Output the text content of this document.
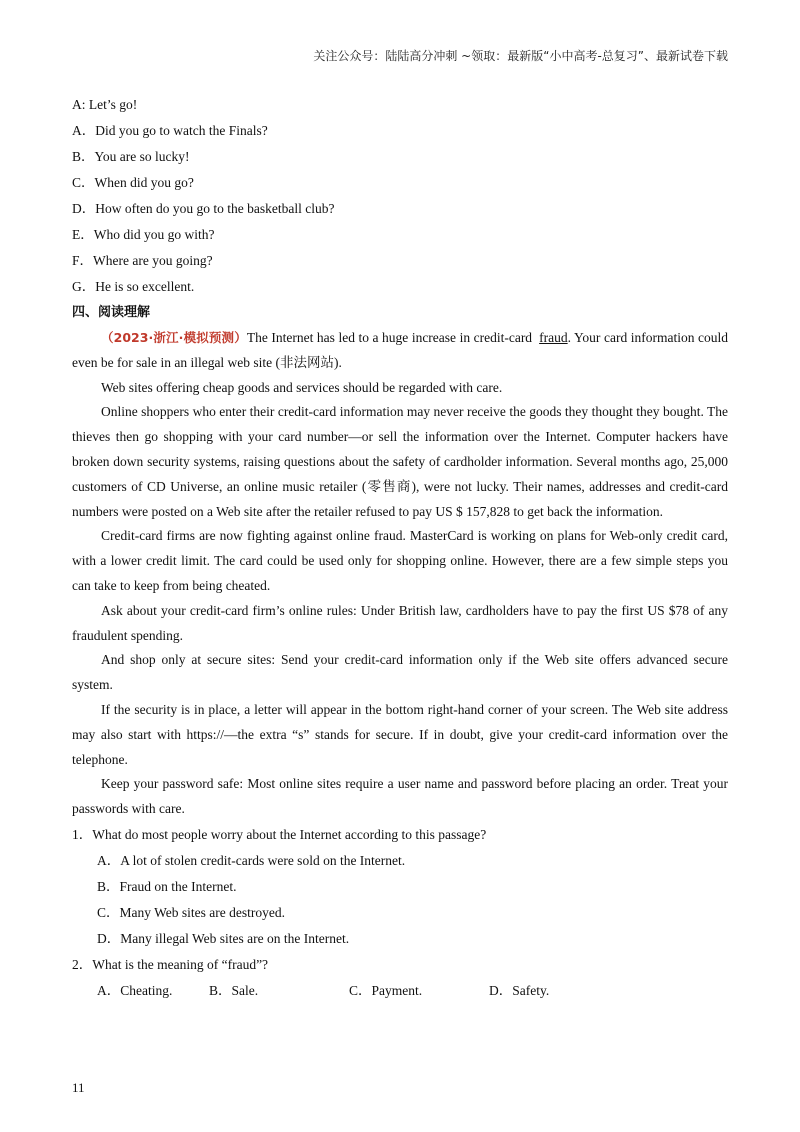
关注公众号：陆陆高分冲刺 ~领取：最新版“小中高考-总复习”、最新试卷下载

A: Let’s go!

A．Did you go to watch the Finals?

B．You are so lucky!

C．When did you go?

D．How often do you go to the basketball club?

E．Who did you go with?

F．Where are you going?

G．He is so excellent.

四、阅读理解

（2023·浙江·模拟预测）The Internet has led to a huge increase in credit-card fraud. Your card information could even be for sale in an illegal web site (非法网站).

Web sites offering cheap goods and services should be regarded with care.

Online shoppers who enter their credit-card information may never receive the goods they thought they bought. The thieves then go shopping with your card number—or sell the information over the Internet. Computer hackers have broken down security systems, raising questions about the safety of cardholder information. Several months ago, 25,000 customers of CD Universe, an online music retailer (零售商), were not lucky. Their names, addresses and credit-card numbers were posted on a Web site after the retailer refused to pay US $ 157,828 to get back the information.

Credit-card firms are now fighting against online fraud. MasterCard is working on plans for Web-only credit card, with a lower credit limit. The card could be used only for shopping online. However, there are a few simple steps you can take to keep from being cheated.

Ask about your credit-card firm’s online rules: Under British law, cardholders have to pay the first US $78 of any fraudulent spending.

And shop only at secure sites: Send your credit-card information only if the Web site offers advanced secure system.

If the security is in place, a letter will appear in the bottom right-hand corner of your screen. The Web site address may also start with https://—the extra “s” stands for secure. If in doubt, give your credit-card information over the telephone.

Keep your password safe: Most online sites require a user name and password before placing an order. Treat your passwords with care.

1．What do most people worry about the Internet according to this passage?

A．A lot of stolen credit-cards were sold on the Internet.

B．Fraud on the Internet.

C．Many Web sites are destroyed.

D．Many illegal Web sites are on the Internet.

2．What is the meaning of “fraud”?

A．Cheating.	B．Sale.	C．Payment.	D．Safety.
11
